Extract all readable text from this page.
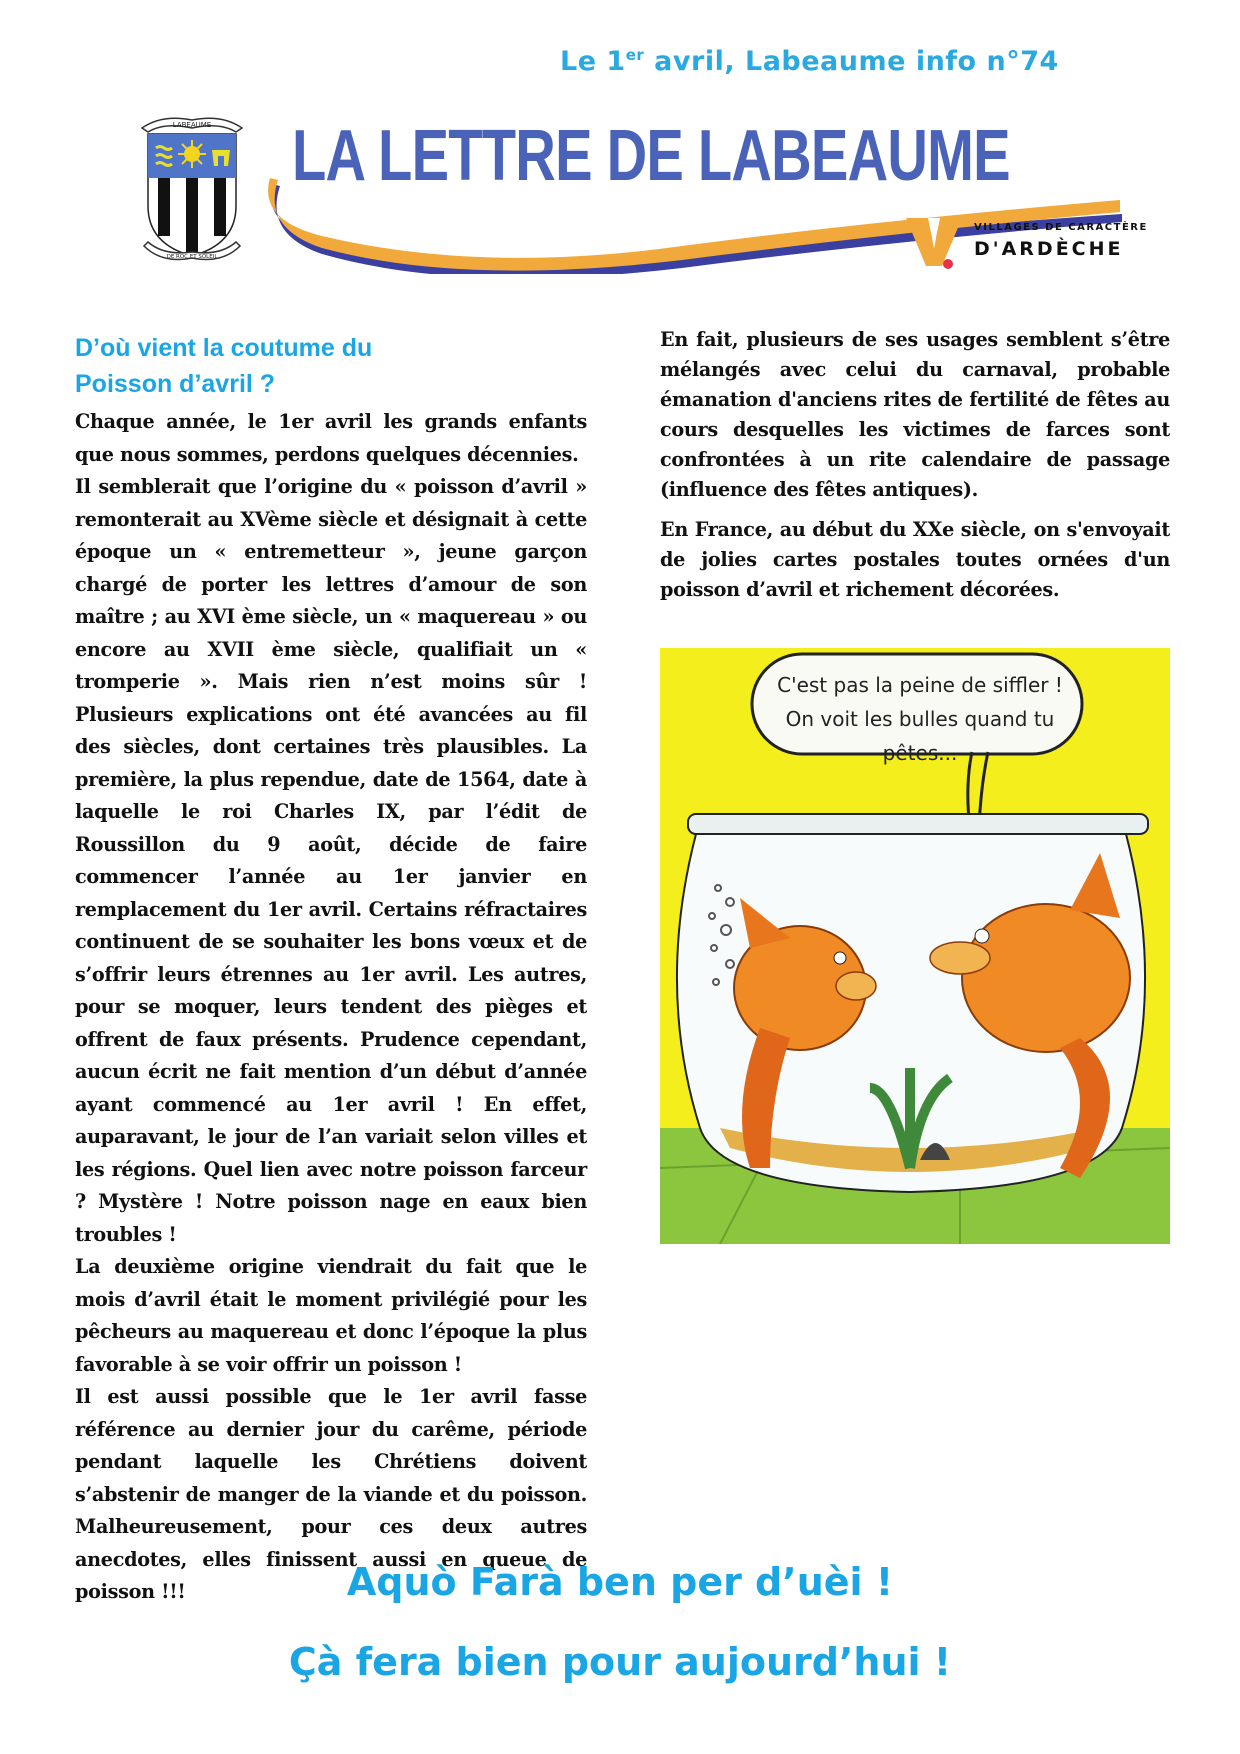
Le 1er avril, Labeaume info n°74
LABEAUME
DE ROC ET SOLEIL
LA LETTRE DE LABEAUME
VILLAGES DE CARACTÈRE
D'ARDÈCHE
D’où vient la coutume du
Poisson d’avril ?

Chaque année, le 1er avril les grands enfants que nous sommes, perdons quelques décennies.

Il semblerait que l’origine du « poisson d’avril » remonterait au XVème siècle et désignait à cette époque un « entremetteur », jeune garçon chargé de porter les lettres d’amour de son maître ; au XVI ème siècle, un « maquereau » ou encore au XVII ème siècle, qualifiait un « tromperie ». Mais rien n’est moins sûr ! Plusieurs explications ont été avancées au fil des siècles, dont certaines très plausibles. La première, la plus rependue, date de 1564, date à laquelle le roi Charles IX, par l’édit de Roussillon du 9 août, décide de faire commencer l’année au 1er janvier en remplacement du 1er avril. Certains réfractaires continuent de se souhaiter les bons vœux et de s’offrir leurs étrennes au 1er avril. Les autres, pour se moquer, leurs tendent des pièges et offrent de faux présents. Prudence cependant, aucun écrit ne fait mention d’un début d’année ayant commencé au 1er avril ! En effet, auparavant, le jour de l’an variait selon villes et les régions. Quel lien avec notre poisson farceur ? Mystère ! Notre poisson nage en eaux bien troubles !

La deuxième origine viendrait du fait que le mois d’avril était le moment privilégié pour les pêcheurs au maquereau et donc l’époque la plus favorable à se voir offrir un poisson !

Il est aussi possible que le 1er avril fasse référence au dernier jour du carême, période pendant laquelle les Chrétiens doivent s’abstenir de manger de la viande et du poisson. Malheureusement, pour ces deux autres anecdotes, elles finissent aussi en queue de poisson !!!

En fait, plusieurs de ses usages semblent s’être mélangés avec celui du carnaval, probable émanation d'anciens rites de fertilité de fêtes au cours desquelles les victimes de farces sont confrontées à un rite calendaire de passage (influence des fêtes antiques).

En France, au début du XXe siècle, on s'envoyait de jolies cartes postales toutes ornées d'un poisson d’avril et richement décorées.

C'est pas la peine de siffler !
On voit les bulles quand tu pêtes...
Aquò Farà ben per d’uèi !
Çà fera bien pour aujourd’hui !
